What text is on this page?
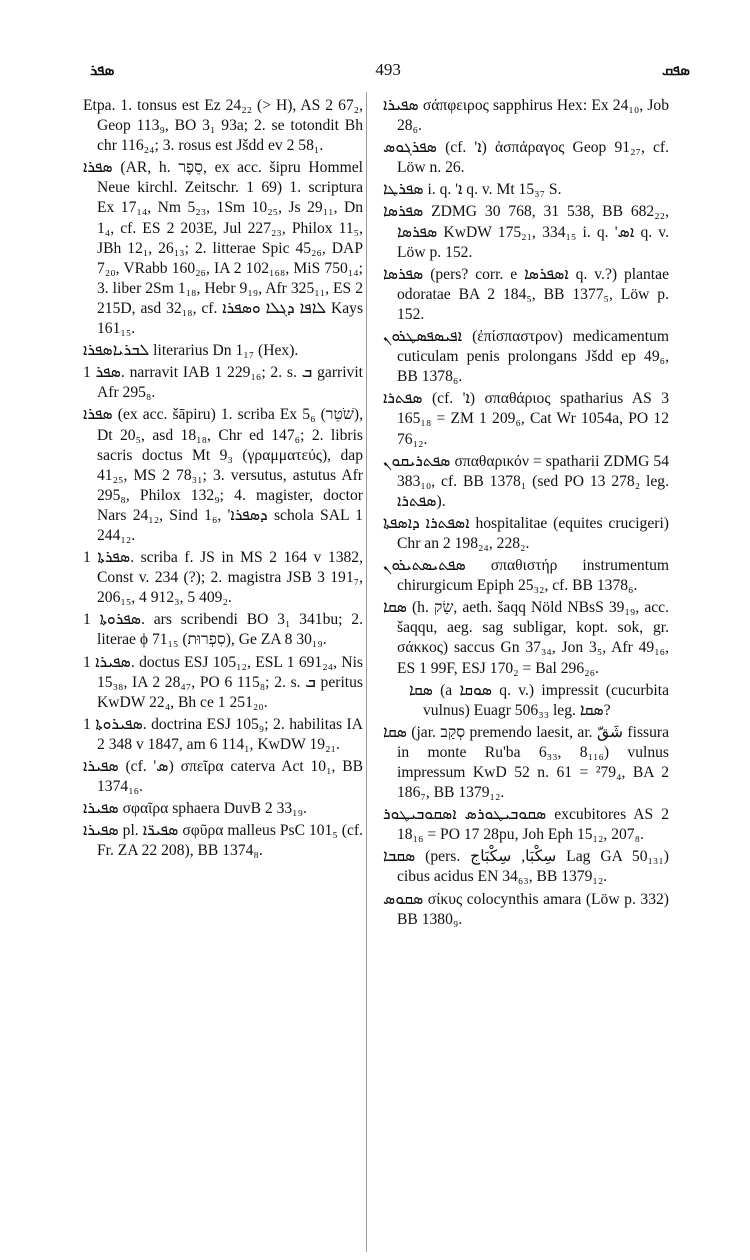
ܣܦܪ	493	ܣܦܩ

Etpa. 1. tonsus est Ez 24₂₂ (> H), AS 2 67₂, Geop 113₉, BO 3₁ 93a; 2. se totondit Bh chr 116₂₄; 3. rosus est Jšdd ev 2 58₁.

ܣܦܪܐ (AR, h. סֵפֶר, ex acc. šipru Hommel Neue kirchl. Zeitschr. 1 69) 1. scriptura Ex 17₁₄, Nm 5₂₃, 1Sm 10₂₅, Js 29₁₁, Dn 1₄, cf. ES 2 203E, Jul 227₂₃, Philox 11₅, JBh 12₁, 26₁₃; 2. litterae Spic 45₂₆, DAP 7₂₀, VRabb 160₂₆, IA 2 102₁₆₈, MiS 750₁₄; 3. liber 2Sm 1₁₈, Hebr 9₁₉, Afr 325₁₁, ES 2 215D, asd 32₁₈, cf. ܠܐܦܐ ܕܓܠܐ ܘܣܦܪܐ Kays 161₁₅.

ܠܒܪܝܐܣܦܪܐ literarius Dn 1₁₇ (Hex).

ܣܦܪ 1. narravit IAB 1 229₁₆; 2. s. ܒ garrivit Afr 295₈.

ܣܦܪܐ (ex acc. šāpiru) 1. scriba Ex 5₆ (שֹׁטֵר), Dt 20₅, asd 18₁₈, Chr ed 147₆; 2. libris sacris doctus Mt 9₃ (γραμματεύς), dap 41₂₅, MS 2 78₃₁; 3. versutus, astutus Afr 295₈, Philox 132₉; 4. magister, doctor Nars 24₁₂, Sind 1₆, 'ܕܣܦܪܐ schola SAL 1 244₁₂.

ܣܦܪܬܐ 1. scriba f. JS in MS 2 164 v 1382, Const v. 234 (?); 2. magistra JSB 3 191₇, 206₁₅, 4 912₃, 5 409₂.

ܣܦܪܘܬܐ 1. ars scribendi BO 3₁ 341bu; 2. literae ϕ 71₁₅ (סִפְרוּת), Ge ZA 8 30₁₉.

ܣܦܝܪܐ 1. doctus ESJ 105₁₂, ESL 1 691₂₄, Nis 15₃₈, IA 2 28₄₇, PO 6 115₈; 2. s. ܒ peritus KwDW 22₄, Bh ce 1 251₂₀.

ܣܦܝܪܘܬܐ 1. doctrina ESJ 105₉; 2. habilitas IA 2 348 v 1847, am 6 114₁, KwDW 19₂₁.

ܣܦܝܪܐ (cf. 'ܣ) σπεῖρα caterva Act 10₁, BB 1374₁₆.

ܣܦܝܪܐ σφαῖρα sphaera DuvB 2 33₁₉.

ܣܦܝܪܐ pl. ܣܦܝܪ̈ܐ σφῦρα malleus PsC 101₅ (cf. Fr. ZA 22 208), BB 1374₈.

ܣܦܝܪܐ σάπφειρος sapphirus Hex: Ex 24₁₀, Job 28₆.

ܣܦܪܓܘܣ (cf. 'ܐ) ἀσπάραγος Geop 91₂₇, cf. Löw n. 26.

ܣܦܪܛܐ i. q. 'ܐ q. v. Mt 15₃₇ S.

ܣܦܪܣܐ ZDMG 30 768, 31 538, BB 682₂₂, ܣܦܪܣܐ KwDW 175₂₁, 334₁₅ i. q. 'ܐܣ q. v. Löw p. 152.

ܣܦܪܣܐ (pers? corr. e ܐܣܦܪܣܐ q. v.?) plantae odoratae BA 2 184₅, BB 1377₅, Löw p. 152.

ܐܦܝܣܦܣܛܪܘܢ (ἐπίσπαστρον) medicamentum cuticulam penis prolongans Jšdd ep 49₆, BB 1378₆.

ܣܦܬܪܐ (cf. 'ܐ) σπαθάριος spatharius AS 3 165₁₈ = ZM 1 209₆, Cat Wr 1054a, PO 12 76₁₂.

ܣܦܬܪܝܩܘܢ σπαθαρικόν = spatharii ZDMG 54 383₁₀, cf. BB 1378₁ (sed PO 13 278₂ leg. ܣܦܬܪܐ).

ܐܣܦܬܪܐ ܕܐܣܦܬܐ hospitalitae (equites crucigeri) Chr an 2 198₂₄, 228₂.

ܣܦܬܝܣܬܝܪܘܢ σπαθιστήρ instrumentum chirurgicum Epiph 25₃₂, cf. BB 1378₆.

ܣܩܐ (h. שַׂק, aeth. šaqq Nöld NBsS 39₁₉, acc. šaqqu, aeg. sag subligar, kopt. sok, gr. σάκκος) saccus Gn 37₃₄, Jon 3₅, Afr 49₁₆, ES 1 99F, ESJ 170₂ = Bal 296₂₆.

ܣܩܐ (a ܣܘܩܐ q. v.) impressit (cucurbita vulnus) Euagr 506₃₃ leg. ܣܩܐ?

ܣܩܐ (jar. סְקַב premendo laesit, ar. شَقّ fissura in monte Ru'ba 6₃₃, 8₁₁₆) vulnus impressum KwD 52 n. 61 = ²79₄, BA 2 186₇, BB 1379₁₂.

ܣܩܘܒܝܛܘܪܣ ܐܣܩܘܒܝܛܘܪ excubitores AS 2 18₁₆ = PO 17 28pu, Joh Eph 15₁₂, 207₈.

ܣܩܒܐ (pers. سِكْبَا, سِكْبَاج Lag GA 50₁₃₁) cibus acidus EN 34₆₃, BB 1379₁₂.

ܣܩܘܣ σίκυς colocynthis amara (Löw p. 332) BB 1380₉.
